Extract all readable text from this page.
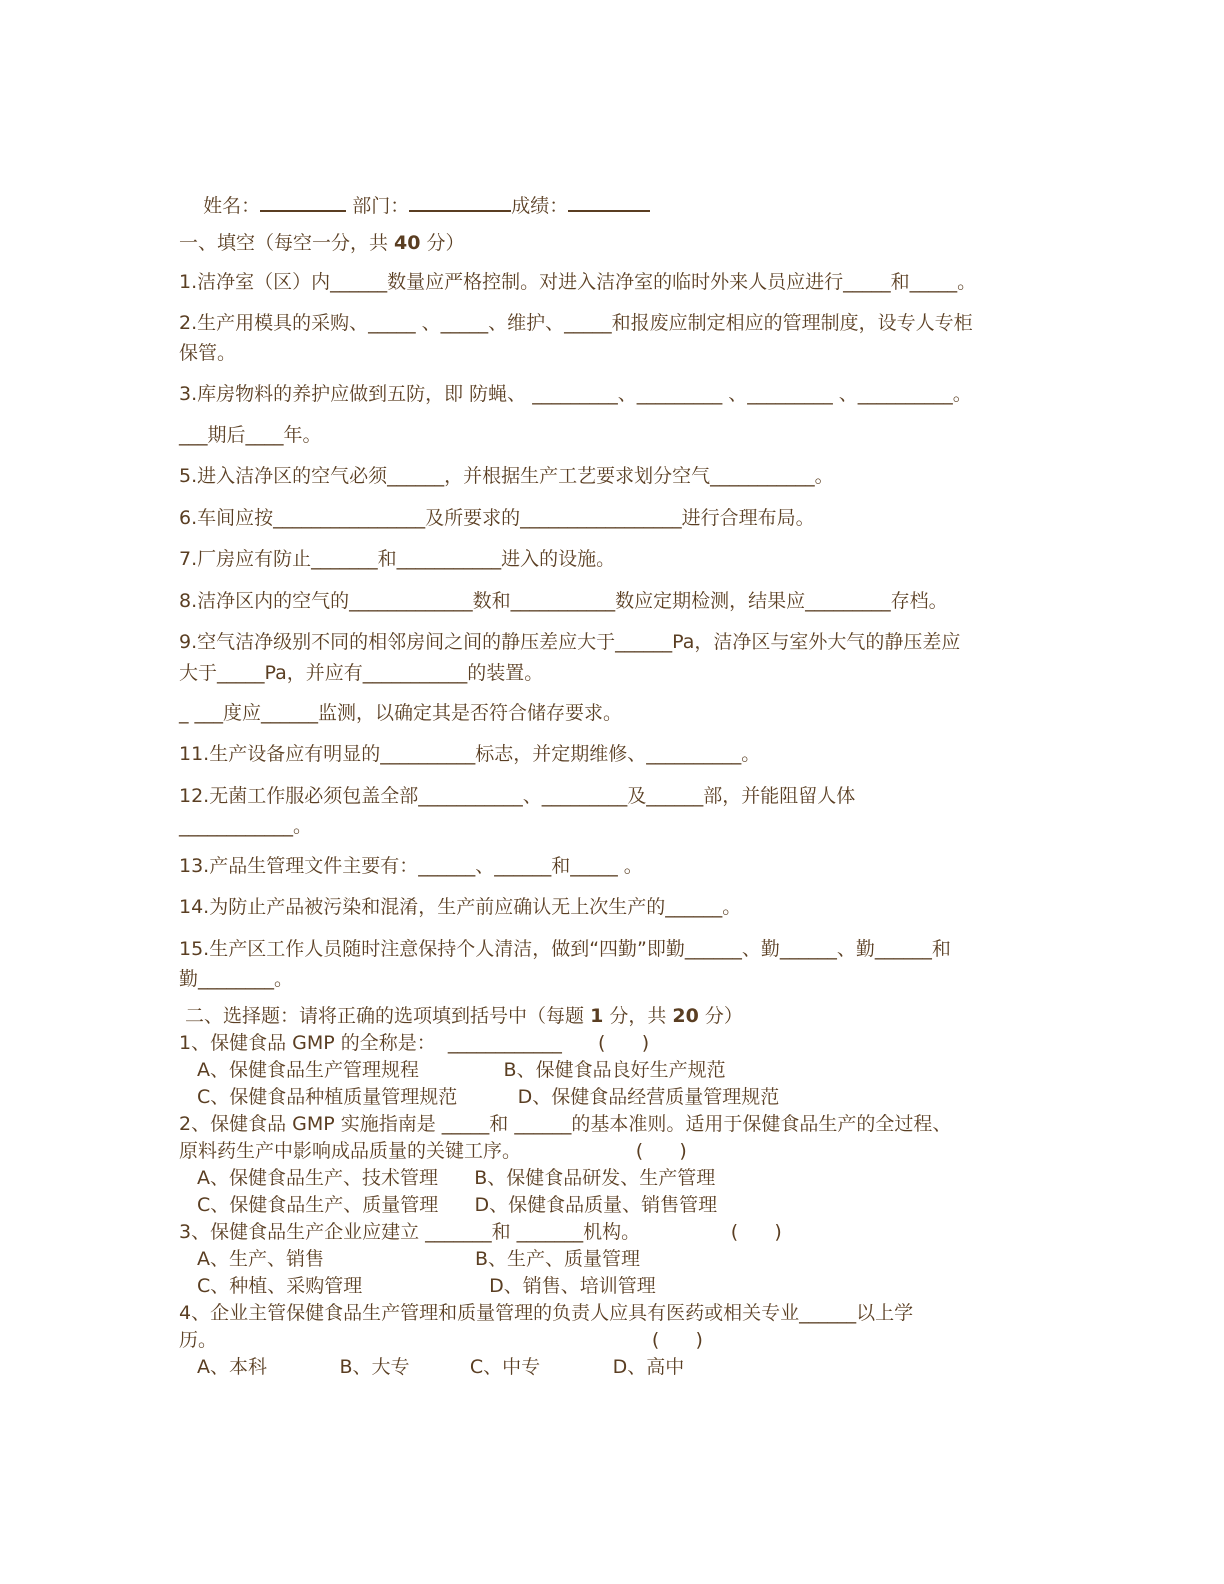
姓名：	部门：	成绩：

一、填空（每空一分，共 40 分）
1.洁净室（区）内______数量应严格控制。对进入洁净室的临时外来人员应进行_____和_____。
2.生产用模具的采购、_____ 、_____、维护、_____和报废应制定相应的管理制度，设专人专柜
保管。
3.库房物料的养护应做到五防，即 防蝇、 _________、_________ 、_________ 、__________。
___期后____年。
5.进入洁净区的空气必须______，并根据生产工艺要求划分空气___________。
6.车间应按________________及所要求的_________________进行合理布局。
7.厂房应有防止_______和___________进入的设施。
8.洁净区内的空气的_____________数和___________数应定期检测，结果应_________存档。
9.空气洁净级别不同的相邻房间之间的静压差应大于______Pa，洁净区与室外大气的静压差应
大于_____Pa，并应有___________的装置。
_ ___度应______监测，以确定其是否符合储存要求。
11.生产设备应有明显的__________标志，并定期维修、__________。
12.无菌工作服必须包盖全部___________、_________及______部，并能阻留人体
____________。
13.产品生管理文件主要有：______、______和_____ 。
14.为防止产品被污染和混淆，生产前应确认无上次生产的______。
15.生产区工作人员随时注意保持个人清洁，做到“四勤”即勤______、勤______、勤______和
勤________。
二、选择题：请将正确的选项填到括号中（每题 1 分，共 20 分）
1、保健食品 GMP 的全称是：  ____________      (      )
A、保健食品生产管理规程              B、保健食品良好生产规范
C、保健食品种植质量管理规范          D、保健食品经营质量管理规范
2、保健食品 GMP 实施指南是 _____和 ______的基本准则。适用于保健食品生产的全过程、
原料药生产中影响成品质量的关键工序。                   (      )
A、保健食品生产、技术管理      B、保健食品研发、生产管理
C、保健食品生产、质量管理      D、保健食品质量、销售管理
3、保健食品生产企业应建立 _______和 _______机构。               (      )
A、生产、销售                         B、生产、质量管理
C、种植、采购管理                     D、销售、培训管理
4、企业主管保健食品生产管理和质量管理的负责人应具有医药或相关专业______以上学
历。                                                                        (      )
A、本科            B、大专          C、中专            D、高中
